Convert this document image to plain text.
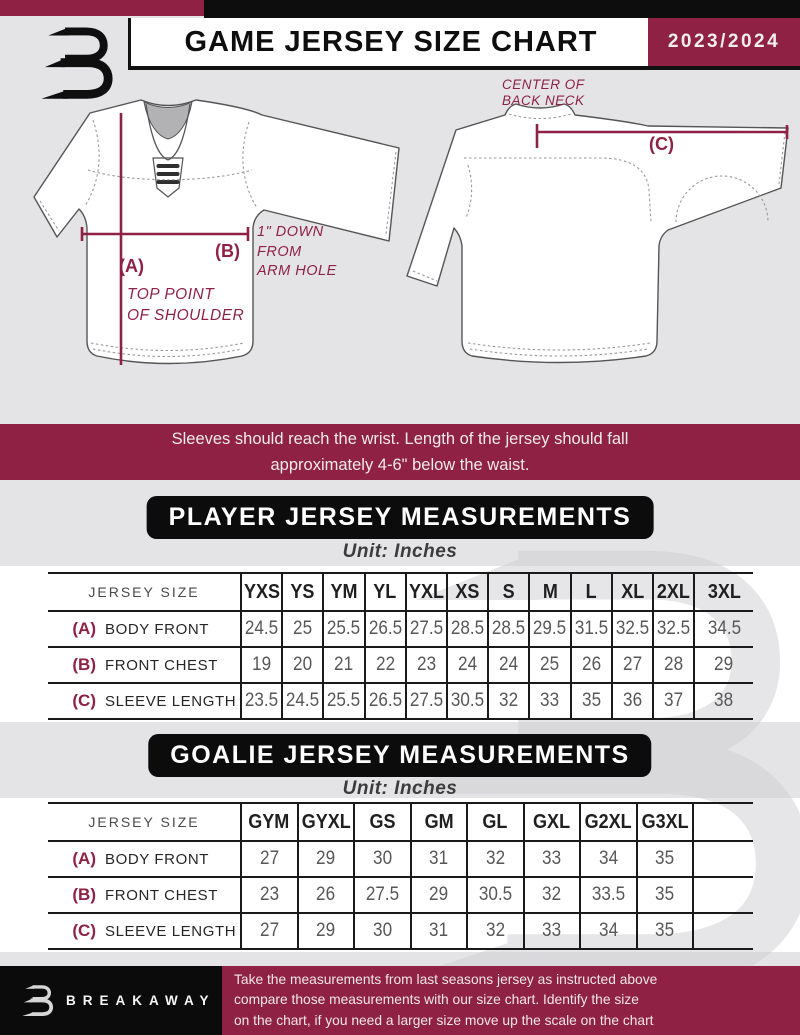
GAME JERSEY SIZE CHART	2023/2024
CENTER OF
BACK NECK
(C)
(B)
1" DOWN
FROM
ARM HOLE
(A)
TOP POINT
OF SHOULDER
Sleeves should reach the wrist. Length of the jersey should fall
approximately 4-6" below the waist.
PLAYER JERSEY MEASUREMENTS
Unit: Inches
JERSEY SIZE	YXS YS YM YL YXL XS S M L XL 2XL 3XL
(A) BODY FRONT 24.5 25 25.5 26.5 27.5 28.5 28.5 29.5 31.5 32.5 32.5 34.5
(B) FRONT CHEST 19 20 21 22 23 24 24 25 26 27 28 29
(C) SLEEVE LENGTH 23.5 24.5 25.5 26.5 27.5 30.5 32 33 35 36 37 38
GOALIE JERSEY MEASUREMENTS
Unit: Inches
JERSEY SIZE	GYM GYXL GS GM GL GXL G2XL G3XL
(A) BODY FRONT	27 29 30 31 32 33 34 35
(B) FRONT CHEST 23 26 27.5 29 30.5 32 33.5 35
(C) SLEEVE LENGTH 27 29 30 31 32 33 34 35
Take the measurements from last seasons jersey as instructed above
compare those measurements with our size chart. Identify the size
on the chart, if you need a larger size move up the scale on the chart
BREAKAWAY
